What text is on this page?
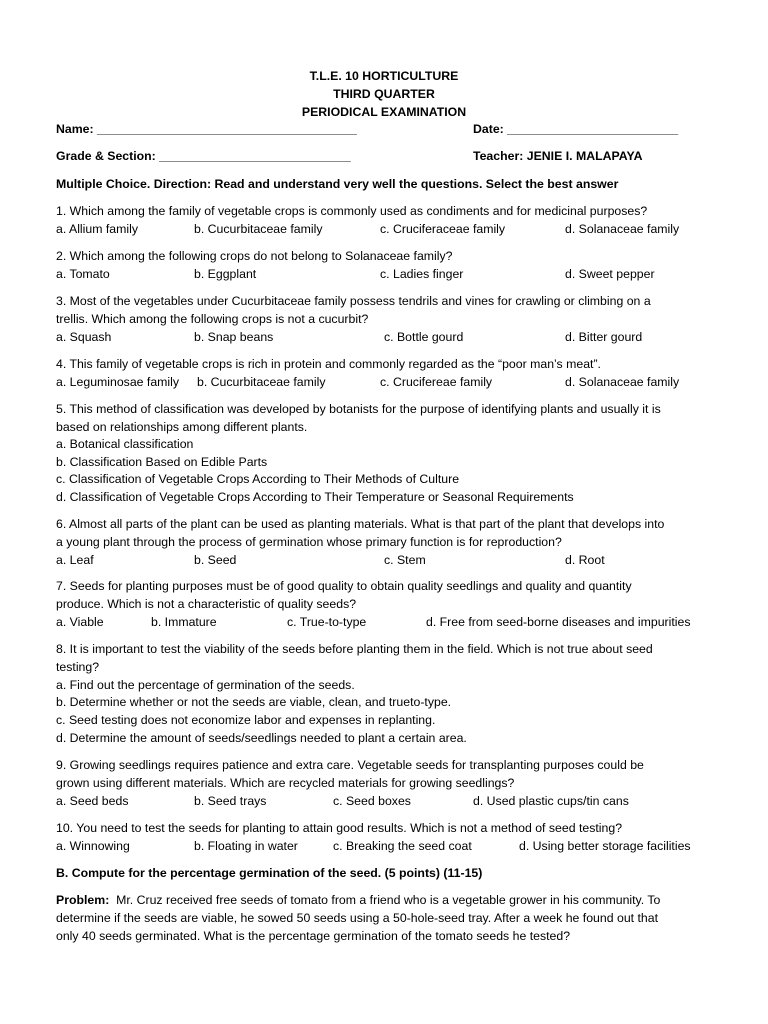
T.L.E. 10 HORTICULTURE
THIRD QUARTER
PERIODICAL EXAMINATION
Name: ______________________________________	Date: _________________________
Grade & Section: ____________________________	Teacher: JENIE I. MALAPAYA
Multiple Choice. Direction: Read and understand very well the questions. Select the best answer
1. Which among the family of vegetable crops is commonly used as condiments and for medicinal purposes?
a. Allium family	b. Cucurbitaceae family	c. Cruciferaceae family	d. Solanaceae family
2. Which among the following crops do not belong to Solanaceae family?
a. Tomato	b. Eggplant	c. Ladies finger	d. Sweet pepper
3. Most of the vegetables under Cucurbitaceae family possess tendrils and vines for crawling or climbing on a
trellis. Which among the following crops is not a cucurbit?
a. Squash	b. Snap beans	c. Bottle gourd	d. Bitter gourd
4. This family of vegetable crops is rich in protein and commonly regarded as the “poor man’s meat”.
a. Leguminosae family b. Cucurbitaceae family	c. Crucifereae family	d. Solanaceae family
5. This method of classification was developed by botanists for the purpose of identifying plants and usually it is
based on relationships among different plants.
a. Botanical classification
b. Classification Based on Edible Parts
c. Classification of Vegetable Crops According to Their Methods of Culture
d. Classification of Vegetable Crops According to Their Temperature or Seasonal Requirements
6. Almost all parts of the plant can be used as planting materials. What is that part of the plant that develops into
a young plant through the process of germination whose primary function is for reproduction?
a. Leaf	b. Seed	c. Stem	d. Root
7. Seeds for planting purposes must be of good quality to obtain quality seedlings and quality and quantity
produce. Which is not a characteristic of quality seeds?
a. Viable	b. Immature	c. True-to-type	d. Free from seed-borne diseases and impurities
8. It is important to test the viability of the seeds before planting them in the field. Which is not true about seed
testing?
a. Find out the percentage of germination of the seeds.
b. Determine whether or not the seeds are viable, clean, and trueto-type.
c. Seed testing does not economize labor and expenses in replanting.
d. Determine the amount of seeds/seedlings needed to plant a certain area.
9. Growing seedlings requires patience and extra care. Vegetable seeds for transplanting purposes could be
grown using different materials. Which are recycled materials for growing seedlings?
a. Seed beds	b. Seed trays	c. Seed boxes	d. Used plastic cups/tin cans
10. You need to test the seeds for planting to attain good results. Which is not a method of seed testing?
a. Winnowing	b. Floating in water	c. Breaking the seed coat	d. Using better storage facilities
B. Compute for the percentage germination of the seed. (5 points) (11-15)
Problem:  Mr. Cruz received free seeds of tomato from a friend who is a vegetable grower in his community. To
determine if the seeds are viable, he sowed 50 seeds using a 50-hole-seed tray. After a week he found out that
only 40 seeds germinated. What is the percentage germination of the tomato seeds he tested?
